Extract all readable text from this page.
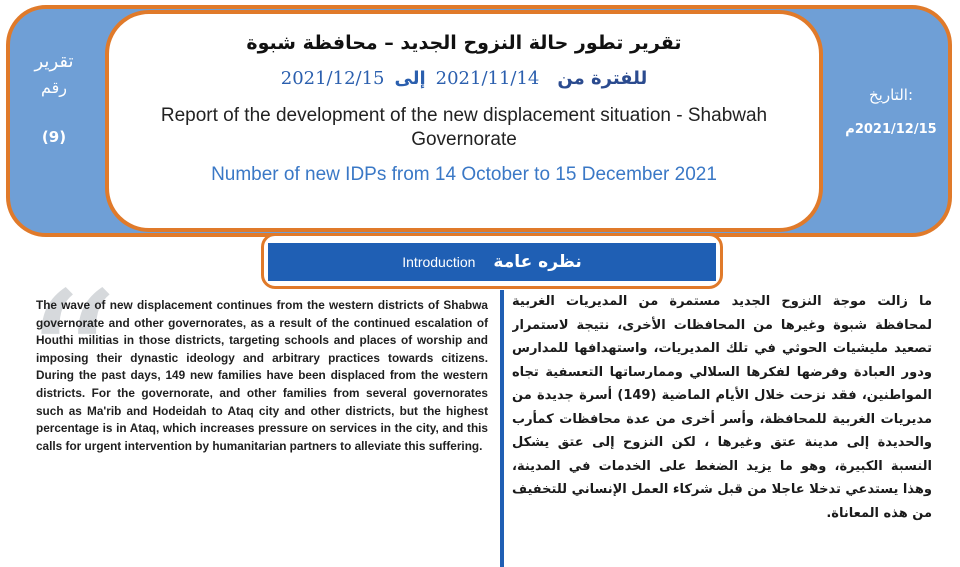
تقرير
رقم
(9)
التاريخ:
2021/12/15م
تقرير تطور حالة النزوح الجديد – محافظة شبوة
2021/12/15 إلى 2021/11/14 للفترة من
Report of the development of the new displacement situation - Shabwah Governorate
Number of new IDPs from 14 October to 15 December 2021
Introduction نظره عامة
“
The wave of new displacement continues from the western districts of Shabwa governorate and other governorates, as a result of the continued escalation of Houthi militias in those districts, targeting schools and places of worship and imposing their dynastic ideology and arbitrary practices towards citizens. During the past days, 149 new families have been displaced from the western districts. For the governorate, and other families from several governorates such as Ma'rib and Hodeidah to Ataq city and other districts, but the highest percentage is in Ataq, which increases pressure on services in the city, and this calls for urgent intervention by humanitarian partners to alleviate this suffering.
ما زالت موجة النزوح الجديد مستمرة من المديريات الغربية لمحافظة شبوة وغيرها من المحافظات الأخرى، نتيجة لاستمرار تصعيد مليشيات الحوثي في تلك المديريات، واستهدافها للمدارس ودور العبادة وفرضها لفكرها السلالي وممارساتها التعسفية تجاه المواطنين، فقد نزحت خلال الأيام الماضية (149) أسرة جديدة من مديريات الغربية للمحافظة، وأسر أخرى من عدة محافظات كمأرب والحديدة إلى مدينة عتق وغيرها ، لكن النزوح إلى عتق يشكل النسبة الكبيرة، وهو ما يزيد الضغط على الخدمات في المدينة، وهذا يستدعي تدخلا عاجلا من قبل شركاء العمل الإنساني للتخفيف من هذه المعاناة.
